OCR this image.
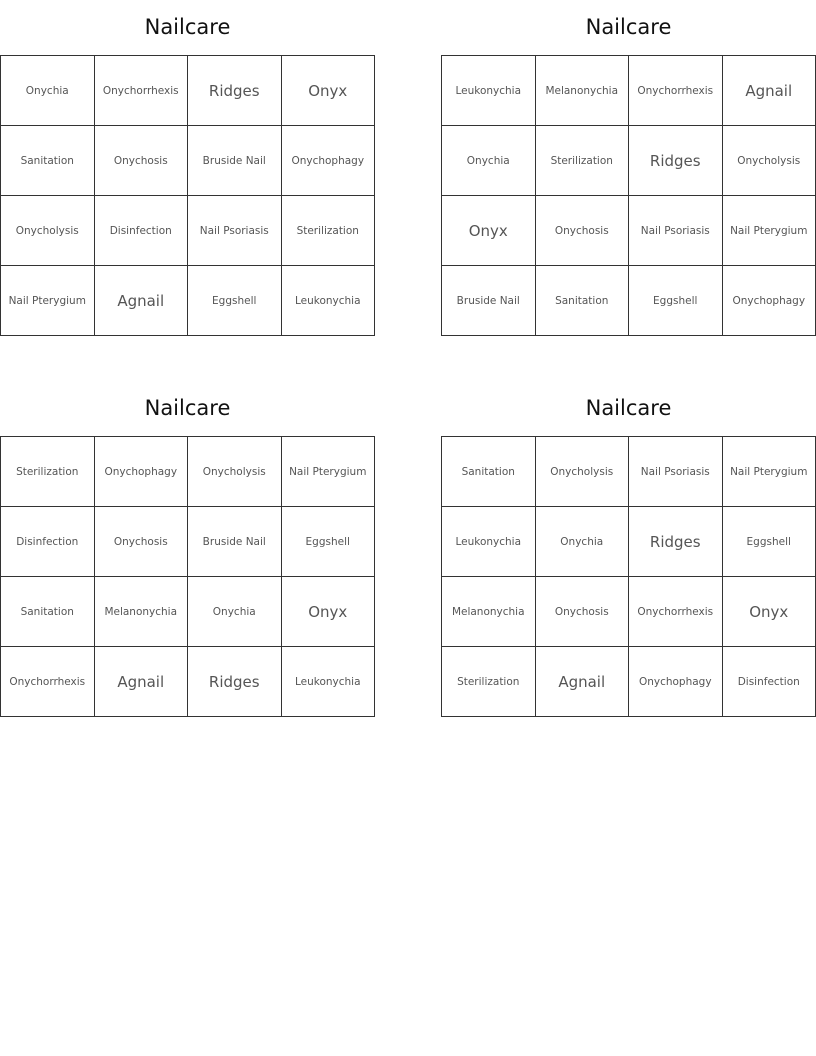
Nailcare
Onychia	Onychorrhexis	Ridges	Onyx
Sanitation	Onychosis	Bruside Nail	Onychophagy
Onycholysis	Disinfection	Nail Psoriasis	Sterilization
Nail Pterygium	Agnail	Eggshell	Leukonychia
Nailcare
Leukonychia	Melanonychia	Onychorrhexis	Agnail
Onychia	Sterilization	Ridges	Onycholysis
Onyx	Onychosis	Nail Psoriasis	Nail Pterygium
Bruside Nail	Sanitation	Eggshell	Onychophagy
Nailcare
Sterilization	Onychophagy	Onycholysis	Nail Pterygium
Disinfection	Onychosis	Bruside Nail	Eggshell
Sanitation	Melanonychia	Onychia	Onyx
Onychorrhexis	Agnail	Ridges	Leukonychia
Nailcare
Sanitation	Onycholysis	Nail Psoriasis	Nail Pterygium
Leukonychia	Onychia	Ridges	Eggshell
Melanonychia	Onychosis	Onychorrhexis	Onyx
Sterilization	Agnail	Onychophagy	Disinfection
